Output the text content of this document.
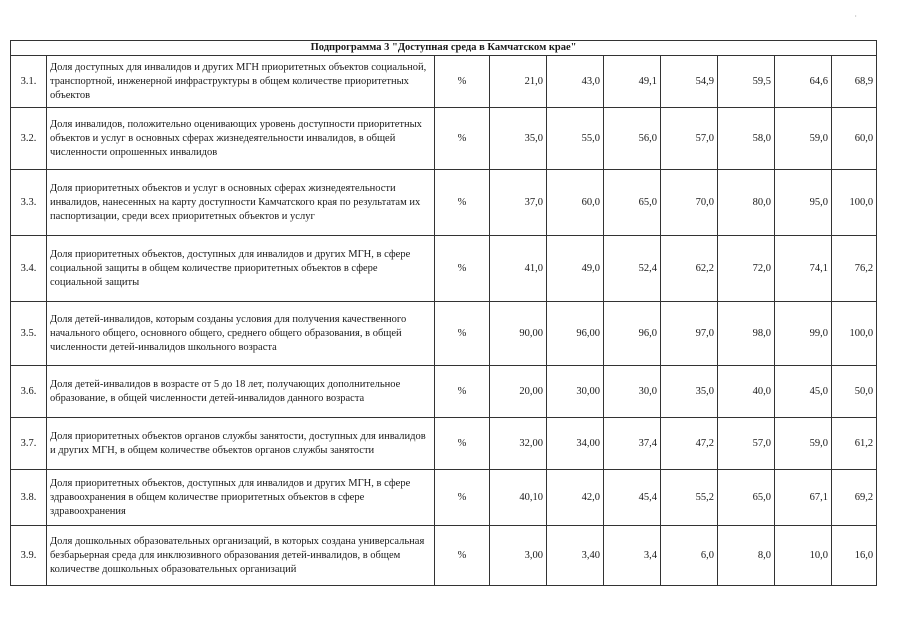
·
Подпрограмма 3 "Доступная среда в Камчатском крае"									
3.1.	Доля доступных для инвалидов и других МГН приоритетных объектов социальной, транспортной, инженерной инфраструктуры в общем количестве приоритетных объектов	%	21,0	43,0	49,1	54,9	59,5	64,6	68,9
3.2.	Доля инвалидов, положительно оценивающих уровень доступности приоритетных объектов и услуг в основных сферах жизнедеятельности инвалидов, в общей численности опрошенных инвалидов	%	35,0	55,0	56,0	57,0	58,0	59,0	60,0
3.3.	Доля приоритетных объектов и услуг в основных сферах жизнедеятельности инвалидов, нанесенных на карту доступности Камчатского края по результатам их паспортизации, среди всех приоритетных объектов и услуг	%	37,0	60,0	65,0	70,0	80,0	95,0	100,0
3.4.	Доля приоритетных объектов, доступных для инвалидов и других МГН, в сфере социальной защиты в общем количестве приоритетных объектов в сфере социальной защиты	%	41,0	49,0	52,4	62,2	72,0	74,1	76,2
3.5.	Доля детей-инвалидов, которым созданы условия для получения качественного начального общего, основного общего, среднего общего образования, в общей численности детей-инвалидов школьного возраста	%	90,00	96,00	96,0	97,0	98,0	99,0	100,0
3.6.	Доля детей-инвалидов в возрасте от 5 до 18 лет, получающих дополнительное образование, в общей численности детей-инвалидов данного возраста	%	20,00	30,00	30,0	35,0	40,0	45,0	50,0
3.7.	Доля приоритетных объектов органов службы занятости, доступных для инвалидов и других МГН, в общем количестве объектов органов службы занятости	%	32,00	34,00	37,4	47,2	57,0	59,0	61,2
3.8.	Доля приоритетных объектов, доступных для инвалидов и других МГН, в сфере здравоохранения в общем количестве приоритетных объектов в сфере здравоохранения	%	40,10	42,0	45,4	55,2	65,0	67,1	69,2
3.9.	Доля дошкольных образовательных организаций, в которых создана универсальная безбарьерная среда для инклюзивного образования детей-инвалидов, в общем количестве дошкольных образовательных организаций	%	3,00	3,40	3,4	6,0	8,0	10,0	16,0
